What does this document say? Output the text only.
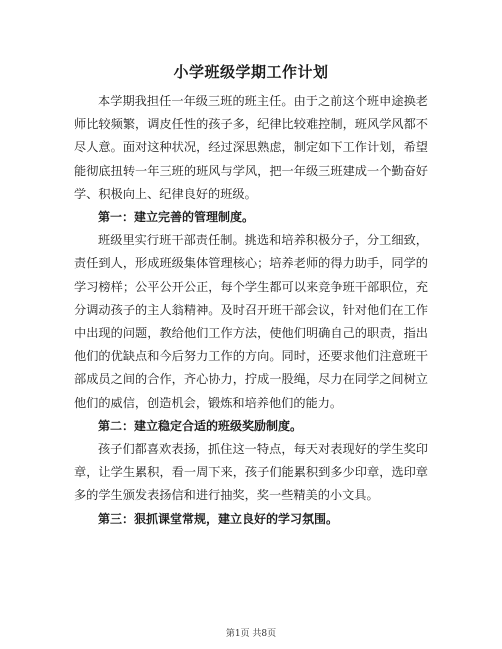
小学班级学期工作计划

本学期我担任一年级三班的班主任。由于之前这个班申途换老师比较频繁，调皮任性的孩子多，纪律比较难控制，班风学风都不尽人意。面对这种状况，经过深思熟虑，制定如下工作计划，希望能彻底扭转一年三班的班风与学风，把一年级三班建成一个勤奋好学、积极向上、纪律良好的班级。

第一：建立完善的管理制度。

班级里实行班干部责任制。挑选和培养积极分子，分工细致，责任到人，形成班级集体管理核心；培养老师的得力助手，同学的学习榜样；公平公开公正，每个学生都可以来竞争班干部职位，充分调动孩子的主人翁精神。及时召开班干部会议，针对他们在工作中出现的问题，教给他们工作方法，使他们明确自己的职责，指出他们的优缺点和今后努力工作的方向。同时，还要求他们注意班干部成员之间的合作，齐心协力，拧成一股绳，尽力在同学之间树立他们的威信，创造机会，锻炼和培养他们的能力。

第二：建立稳定合适的班级奖励制度。

孩子们都喜欢表扬，抓住这一特点，每天对表现好的学生奖印章，让学生累积，看一周下来，孩子们能累积到多少印章，选印章多的学生颁发表扬信和进行抽奖，奖一些精美的小文具。

第三：狠抓课堂常规，建立良好的学习氛围。

第1页 共8页
